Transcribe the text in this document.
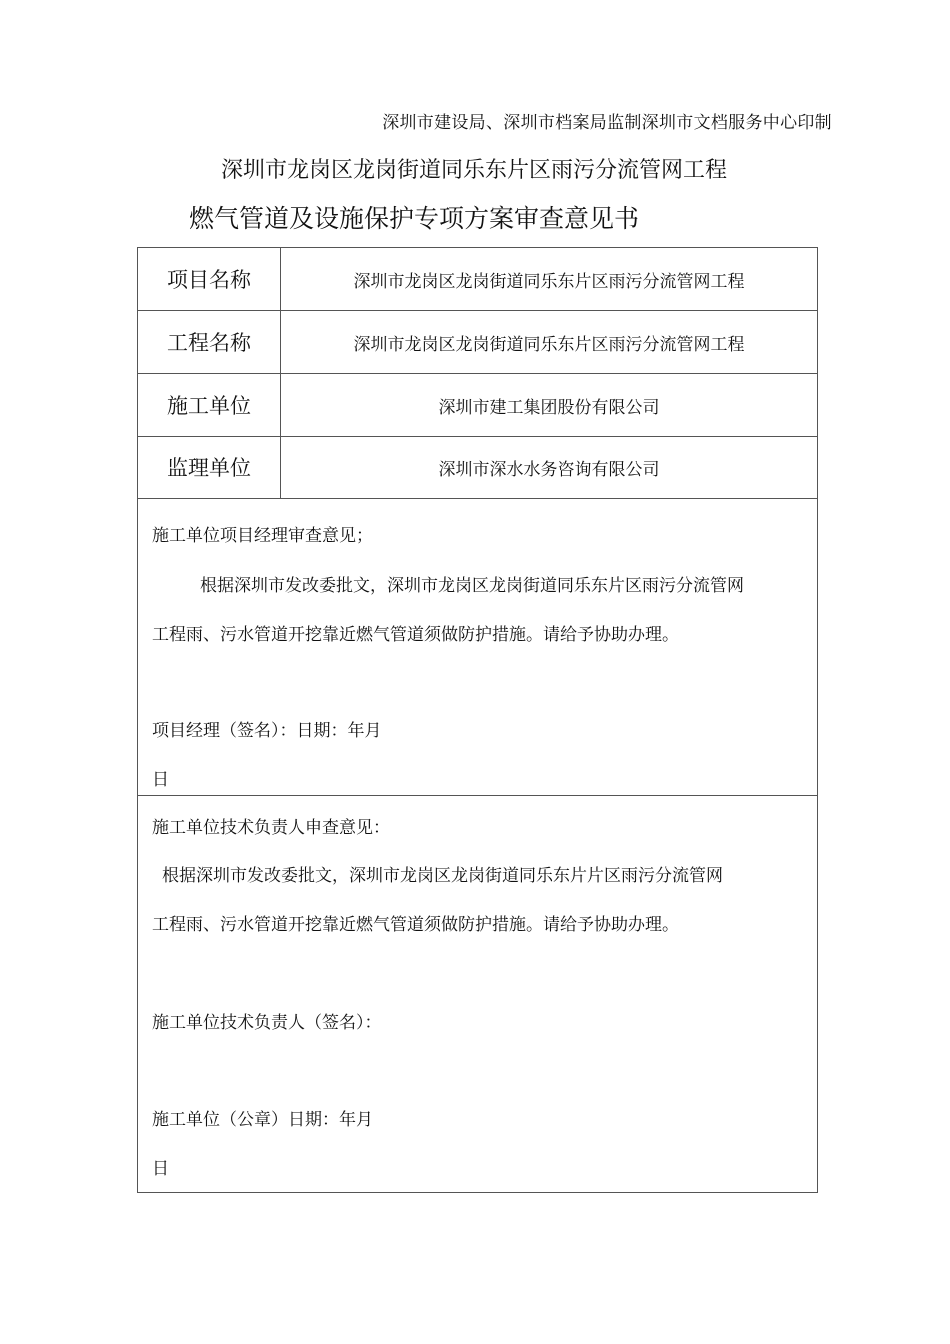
深圳市建设局、深圳市档案局监制深圳市文档服务中心印制
深圳市龙岗区龙岗街道同乐东片区雨污分流管网工程
燃气管道及设施保护专项方案审查意见书
项目名称	深圳市龙岗区龙岗街道同乐东片区雨污分流管网工程
工程名称	深圳市龙岗区龙岗街道同乐东片区雨污分流管网工程
施工单位	深圳市建工集团股份有限公司
监理单位	深圳市深水水务咨询有限公司
施工单位项目经理审查意见；
根据深圳市发改委批文，深圳市龙岗区龙岗街道同乐东片区雨污分流管网
工程雨、污水管道开挖靠近燃气管道须做防护措施。请给予协助办理。
项目经理（签名）：日期：年月
日
施工单位技术负责人申查意见：
根据深圳市发改委批文，深圳市龙岗区龙岗街道同乐东片片区雨污分流管网
工程雨、污水管道开挖靠近燃气管道须做防护措施。请给予协助办理。
施工单位技术负责人（签名）：
施工单位（公章）日期：年月
日
